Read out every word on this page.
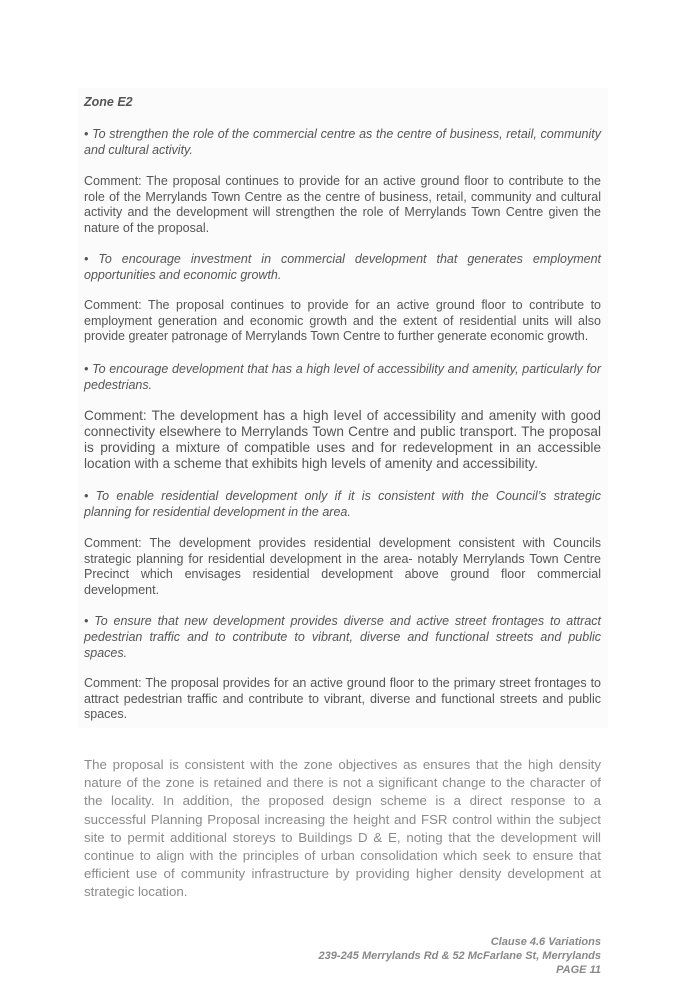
Zone E2

• To strengthen the role of the commercial centre as the centre of business, retail, community and cultural activity.

Comment: The proposal continues to provide for an active ground floor to contribute to the role of the Merrylands Town Centre as the centre of business, retail, community and cultural activity and the development will strengthen the role of Merrylands Town Centre given the nature of the proposal.

• To encourage investment in commercial development that generates employment opportunities and economic growth.

Comment: The proposal continues to provide for an active ground floor to contribute to employment generation and economic growth and the extent of residential units will also provide greater patronage of Merrylands Town Centre to further generate economic growth.

• To encourage development that has a high level of accessibility and amenity, particularly for pedestrians.

Comment: The development has a high level of accessibility and amenity with good connectivity elsewhere to Merrylands Town Centre and public transport. The proposal is providing a mixture of compatible uses and for redevelopment in an accessible location with a scheme that exhibits high levels of amenity and accessibility.

• To enable residential development only if it is consistent with the Council’s strategic planning for residential development in the area.

Comment: The development provides residential development consistent with Councils strategic planning for residential development in the area- notably Merrylands Town Centre Precinct which envisages residential development above ground floor commercial development.

• To ensure that new development provides diverse and active street frontages to attract pedestrian traffic and to contribute to vibrant, diverse and functional streets and public spaces.

Comment: The proposal provides for an active ground floor to the primary street frontages to attract pedestrian traffic and contribute to vibrant, diverse and functional streets and public spaces.

The proposal is consistent with the zone objectives as ensures that the high density nature of the zone is retained and there is not a significant change to the character of the locality. In addition, the proposed design scheme is a direct response to a successful Planning Proposal increasing the height and FSR control within the subject site to permit additional storeys to Buildings D & E, noting that the development will continue to align with the principles of urban consolidation which seek to ensure that efficient use of community infrastructure by providing higher density development at strategic location.

Clause 4.6 Variations
239-245 Merrylands Rd & 52 McFarlane St, Merrylands
PAGE 11
